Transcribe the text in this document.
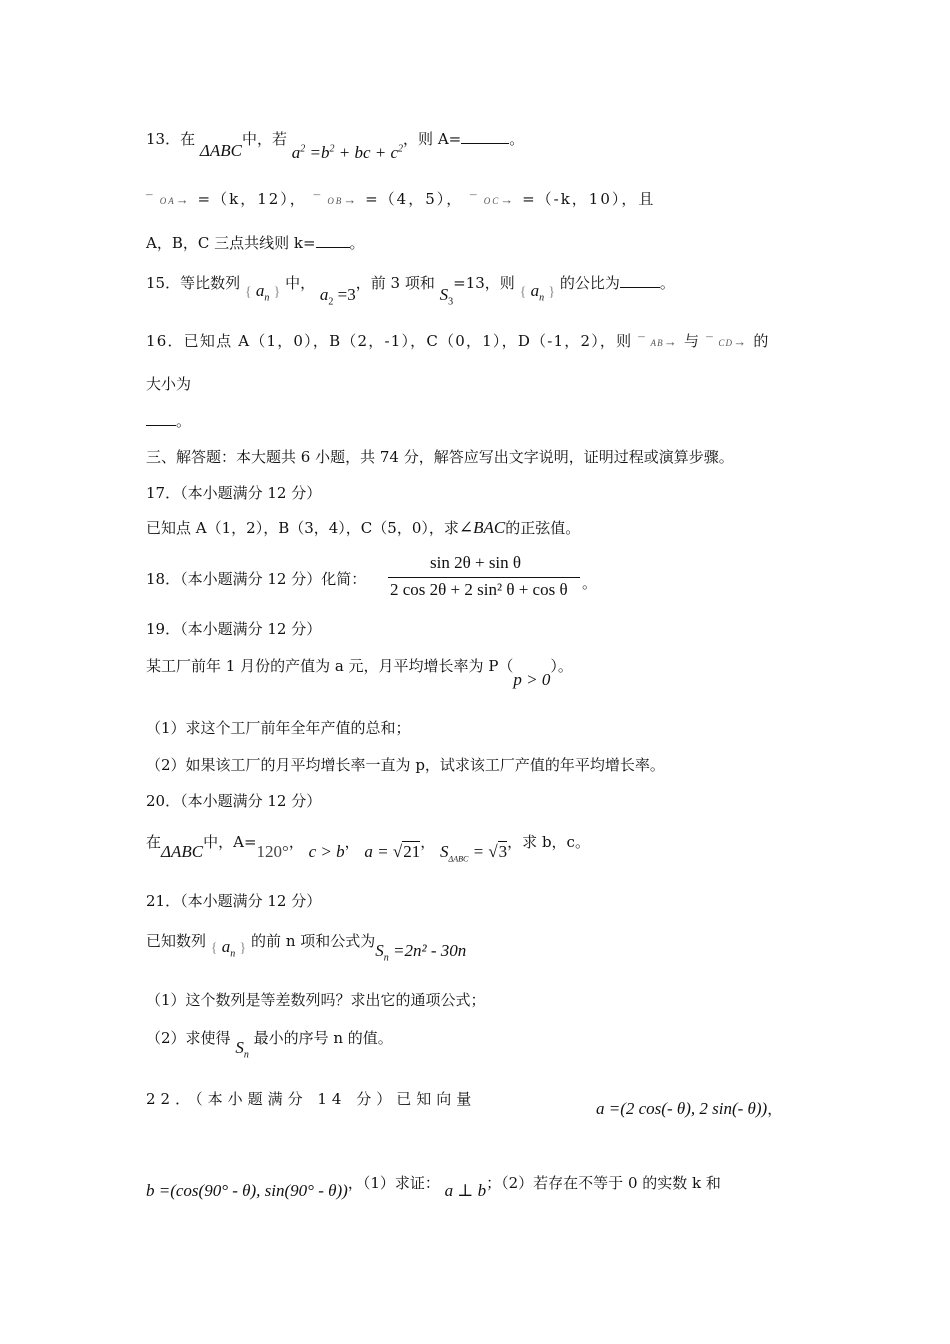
13．在 ΔABC中，若 $a^2 =b^2$ + bc + $c^2$，则 A=	。
¯ OA→ =（k，12）， ¯ OB→ =（4，5）， ¯ OC→ =（-k，10），且
A，B，C 三点共线则 k= 。
15．等比数列 { $a_n$ } 中， $a_2 =3$，前 3 项和 $S_3=13$，则 { $a_n$ } 的公比为	。
16．已知点 A（1，0），B（2，-1），C（0，1），D（-1，2），则 ¯ AB→ 与 ¯ CD→ 的
大小为
。
三、解答题：本大题共 6 小题，共 74 分，解答应写出文字说明，证明过程或演算步骤。
17．（本小题满分 12 分）
已知点 A（1，2），B（3，4），C（5，0），求∠BAC的正弦值。
18．（本小题满分 12 分）化简：
sin 2θ + sin θ
2 cos 2θ + 2 sin² θ + cos θ 。
19．（本小题满分 12 分）
某工厂前年 1 月份的产值为 a 元，月平均增长率为 P（p > 0）。
（1）求这个工厂前年全年产值的总和；
（2）如果该工厂的月平均增长率一直为 p，试求该工厂产值的年平均增长率。
20．（本小题满分 12 分）
在ΔABC中，A=120°， c > b， a = √21， $S_{\Delta ABC} = √3$，求 b，c。
21．（本小题满分 12 分）
已知数列 { $a_n$ } 的前 n 项和公式为$S_n =2n^2 - 30n$
（1）这个数列是等差数列吗？求出它的通项公式；
（2）求使得 $S_n$ 最小的序号 n 的值。
22．（本小题满分 14 分）已知向量	a =(2 cos(- θ), 2 sin(- θ))，
b =(cos(90° - θ), sin(90° - θ))，（1）求证： a ⊥ b；（2）若存在不等于 0 的实数 k 和
